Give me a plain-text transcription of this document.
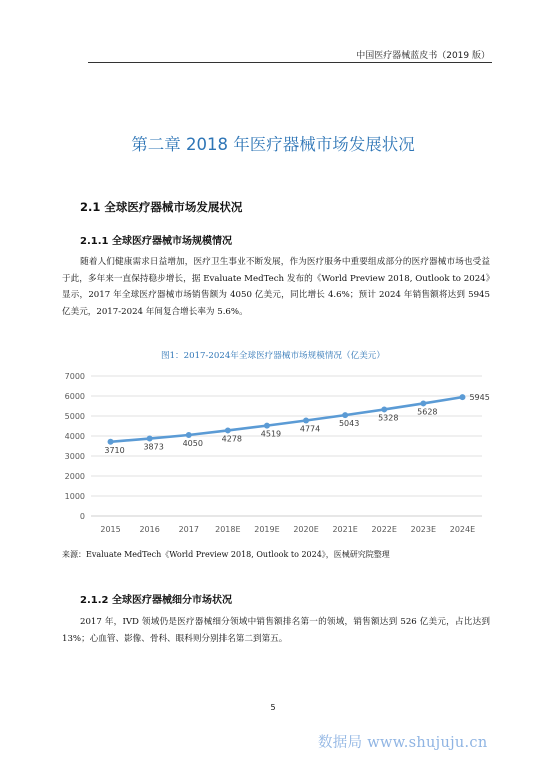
中国医疗器械蓝皮书（2019 版）
第二章 2018 年医疗器械市场发展状况
2.1 全球医疗器械市场发展状况
2.1.1 全球医疗器械市场规模情况
随着人们健康需求日益增加，医疗卫生事业不断发展，作为医疗服务中重要组成部分的医疗器械市场也受益于此，多年来一直保持稳步增长，据 Evaluate MedTech 发布的《World Preview 2018, Outlook to 2024》显示，2017 年全球医疗器械市场销售额为 4050 亿美元，同比增长 4.6%；预计 2024 年销售额将达到 5945 亿美元，2017-2024 年间复合增长率为 5.6%。
图1：2017-2024年全球医疗器械市场规模情况（亿美元）
0
1000
2000
3000
4000
5000
6000
7000
2015 2016 2017 2018E 2019E 2020E 2021E 2022E 2023E 2024E
3710 3873 4050
4278
4519
4774
5043
5328
5628
5945
来源：Evaluate MedTech《World Preview 2018, Outlook to 2024》，医械研究院整理
2.1.2 全球医疗器械细分市场状况
2017 年，IVD 领域仍是医疗器械细分领域中销售额排名第一的领域，销售额达到 526 亿美元，占比达到 13%；心血管、影像、骨科、眼科则分别排名第二到第五。
5
数据局 www.shujuju.cn
